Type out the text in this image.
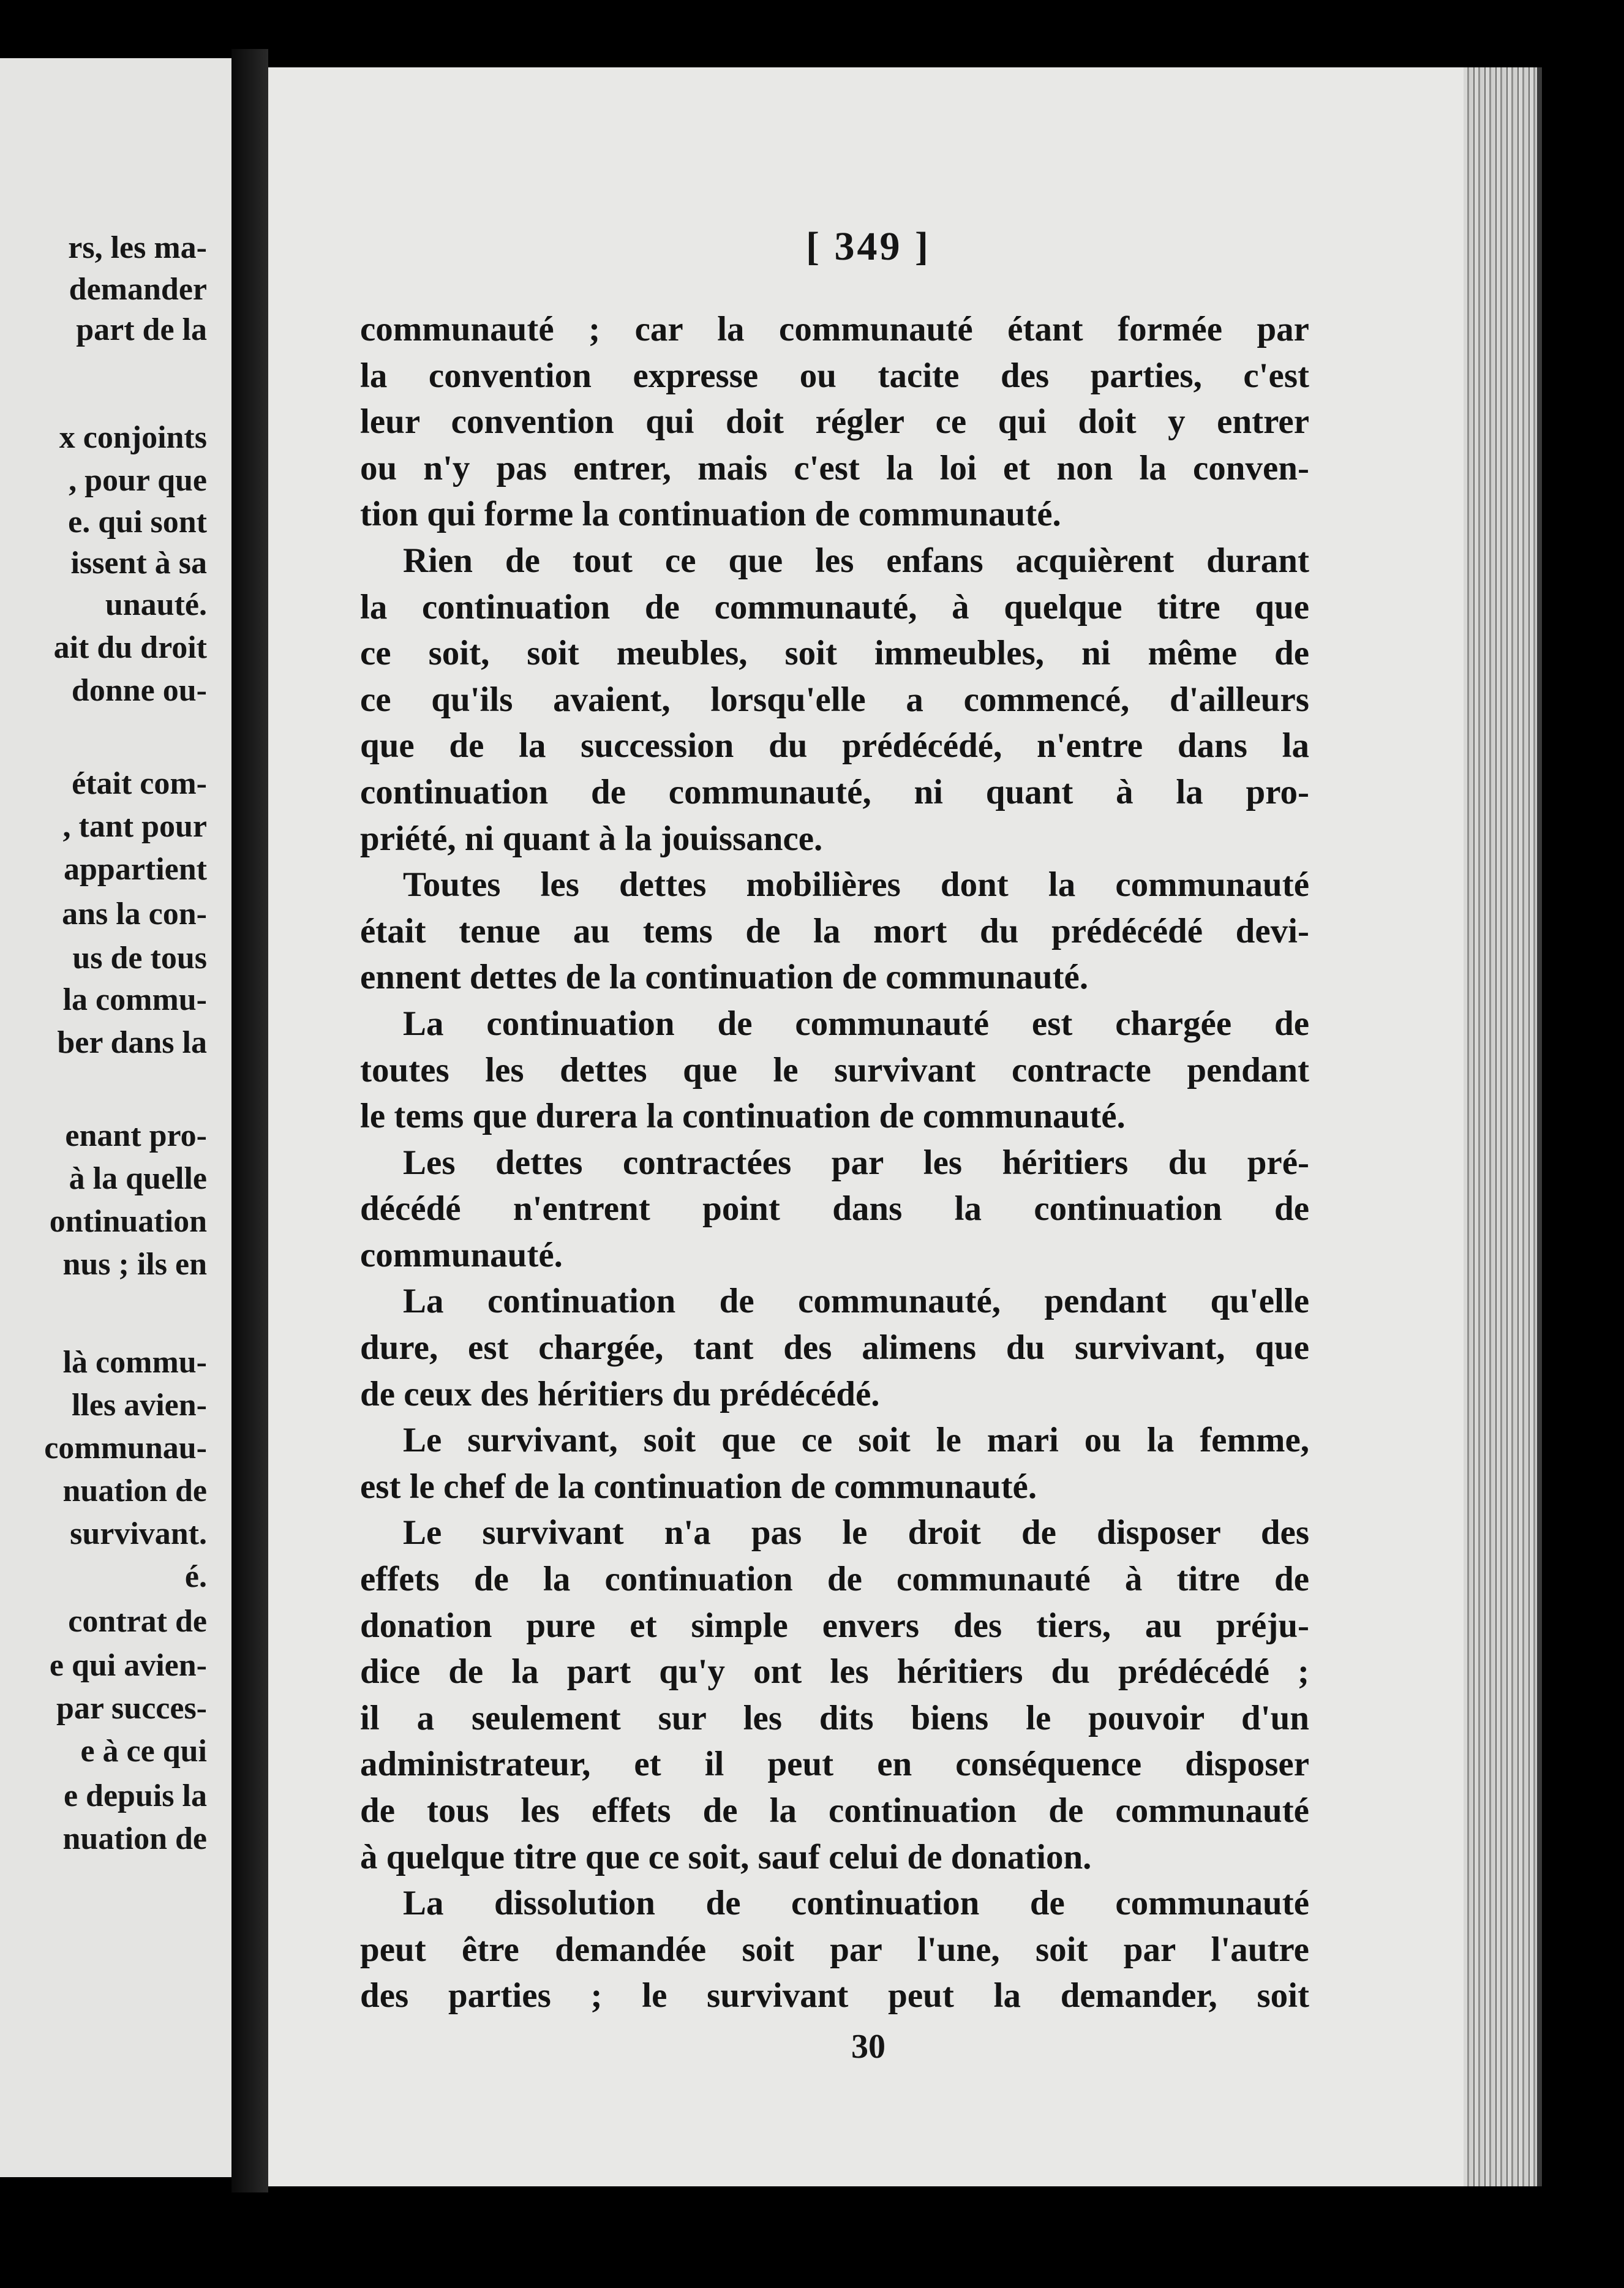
rs, les ma-
demander
part de la
x conjoints
, pour que
e. qui sont
issent à sa
unauté.
ait du droit
donne ou-
était com-
, tant pour
appartient
ans la con-
us de tous
la commu-
ber dans la
enant pro-
à la quelle
ontinuation
nus ; ils en
là commu-
lles avien-
communau-
nuation de
survivant.
é.
contrat de
e qui avien-
par succes-
e à ce qui
e depuis la
nuation de
[ 349 ]
communauté ; car la communauté étant formée par
la convention expresse ou tacite des parties, c'est
leur convention qui doit régler ce qui doit y entrer
ou n'y pas entrer, mais c'est la loi et non la conven-
tion qui forme la continuation de communauté.
Rien de tout ce que les enfans acquièrent durant
la continuation de communauté, à quelque titre que
ce soit, soit meubles, soit immeubles, ni même de
ce qu'ils avaient, lorsqu'elle a commencé, d'ailleurs
que de la succession du prédécédé, n'entre dans la
continuation de communauté, ni quant à la pro-
priété, ni quant à la jouissance.
Toutes les dettes mobilières dont la communauté
était tenue au tems de la mort du prédécédé devi-
ennent dettes de la continuation de communauté.
La continuation de communauté est chargée de
toutes les dettes que le survivant contracte pendant
le tems que durera la continuation de communauté.
Les dettes contractées par les héritiers du pré-
décédé n'entrent point dans la continuation de
communauté.
La continuation de communauté, pendant qu'elle
dure, est chargée, tant des alimens du survivant, que
de ceux des héritiers du prédécédé.
Le survivant, soit que ce soit le mari ou la femme,
est le chef de la continuation de communauté.
Le survivant n'a pas le droit de disposer des
effets de la continuation de communauté à titre de
donation pure et simple envers des tiers, au préju-
dice de la part qu'y ont les héritiers du prédécédé ;
il a seulement sur les dits biens le pouvoir d'un
administrateur, et il peut en conséquence disposer
de tous les effets de la continuation de communauté
à quelque titre que ce soit, sauf celui de donation.
La dissolution de continuation de communauté
peut être demandée soit par l'une, soit par l'autre
des parties ; le survivant peut la demander, soit
30
